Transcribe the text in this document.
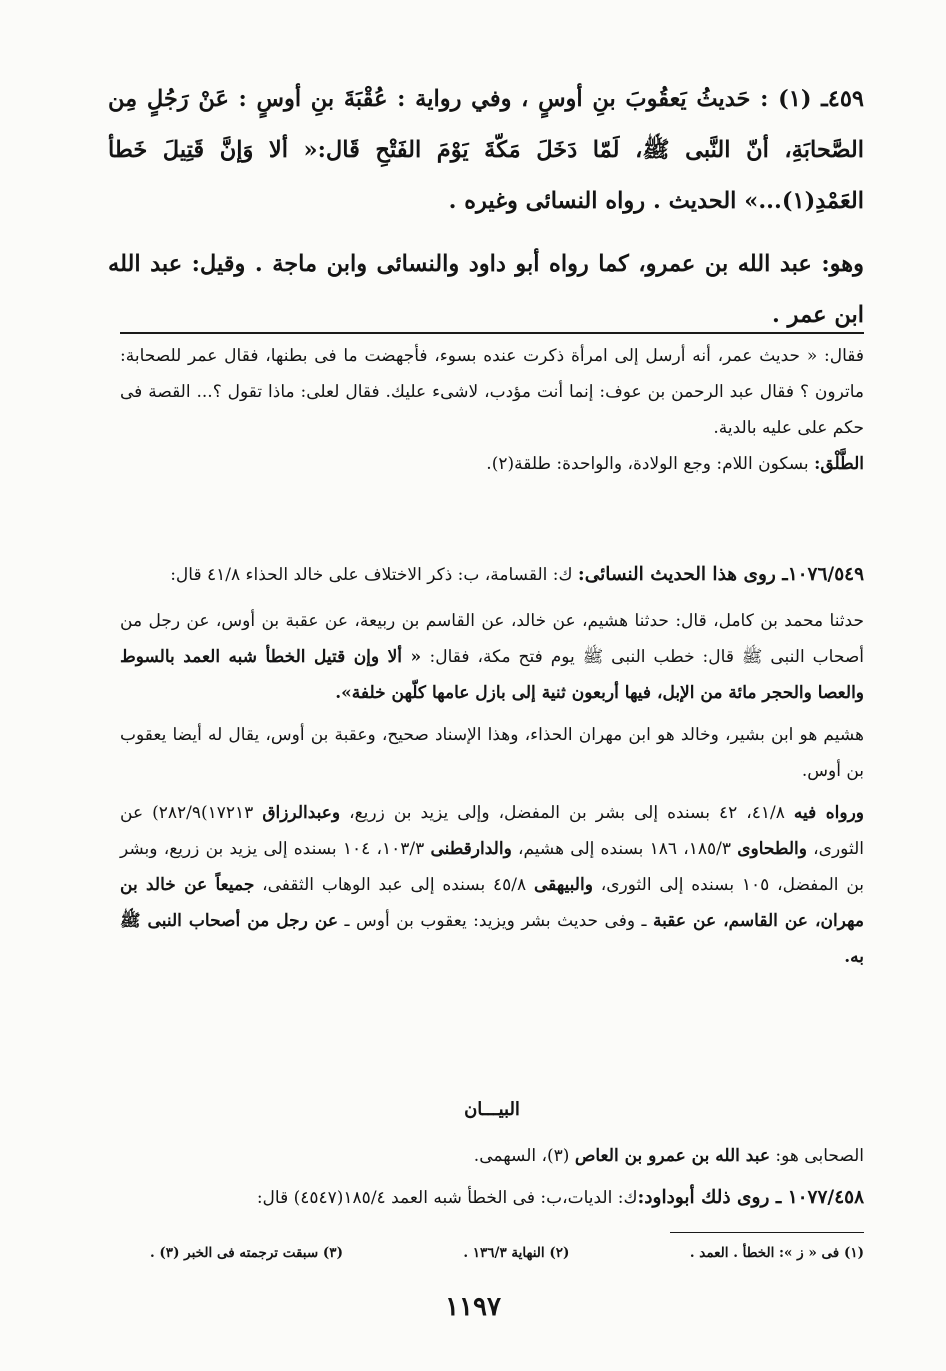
٤٥٩ـ (١) : حَديثُ يَعقُوبَ بنِ أوسٍ ، وفي رواية : عُقْبَةَ بنِ أوسٍ : عَنْ رَجُلٍ مِن الصَّحابَةِ، أنّ النَّبى ﷺ، لَمّا دَخَلَ مَكّةَ يَوْمَ الفَتْحِ قَال:« ألا وَإنَّ قَتِيلَ خَطأ العَمْدِ(١)...» الحديث . رواه النسائى وغيره .

وهو: عبد الله بن عمرو، كما رواه أبو داود والنسائى وابن ماجة . وقيل: عبد الله ابن عمر .

فقال: « حديث عمر، أنه أرسل إلى امرأة ذكرت عنده بسوء، فأجهضت ما فى بطنها، فقال عمر للصحابة: ماترون ؟ فقال عبد الرحمن بن عوف: إنما أنت مؤدب، لاشىء عليك. فقال لعلى: ماذا تقول ؟... القصة فى حكم على عليه بالدية.

الطَّلْق: بسكون اللام: وجع الولادة، والواحدة: طلقة(٢).

١٠٧٦/٥٤٩ـ روى هذا الحديث النسائى: ك: القسامة، ب: ذكر الاختلاف على خالد الحذاء ٤١/٨ قال:

حدثنا محمد بن كامل، قال: حدثنا هشيم، عن خالد، عن القاسم بن ربيعة، عن عقبة بن أوس، عن رجل من أصحاب النبى ﷺ قال: خطب النبى ﷺ يوم فتح مكة، فقال: « ألا وإن قتيل الخطأ شبه العمد بالسوط والعصا والحجر مائة من الإبل، فيها أربعون ثنية إلى بازل عامها كلّهن خلفة».

هشيم هو ابن بشير، وخالد هو ابن مهران الحذاء، وهذا الإسناد صحيح، وعقبة بن أوس، يقال له أيضا يعقوب بن أوس.

ورواه فيه ٤١/٨، ٤٢ بسنده إلى بشر بن المفضل، وإلى يزيد بن زريع، وعبدالرزاق ١٧٢١٣)٢٨٢/٩) عن الثورى، والطحاوى ١٨٥/٣، ١٨٦ بسنده إلى هشيم، والدارقطنى ١٠٣/٣، ١٠٤ بسنده إلى يزيد بن زريع، وبشر بن المفضل، ١٠٥ بسنده إلى الثورى، والبيهقى ٤٥/٨ بسنده إلى عبد الوهاب الثقفى، جميعاً عن خالد بن مهران، عن القاسم، عن عقبة ـ وفى حديث بشر ويزيد: يعقوب بن أوس ـ عن رجل من أصحاب النبى ﷺ به.

البيـــان

الصحابى هو: عبد الله بن عمرو بن العاص (٣)، السهمى.

١٠٧٧/٤٥٨ ـ روى ذلك أبوداود:ك: الديات،ب: فى الخطأ شبه العمد ١٨٥/٤(٤٥٤٧) قال:

(١) فى « ز »: الخطأ . العمد .
(٢) النهاية ١٣٦/٣ .
(٣) سبقت ترجمته فى الخبر (٣) .
١١٩٧
